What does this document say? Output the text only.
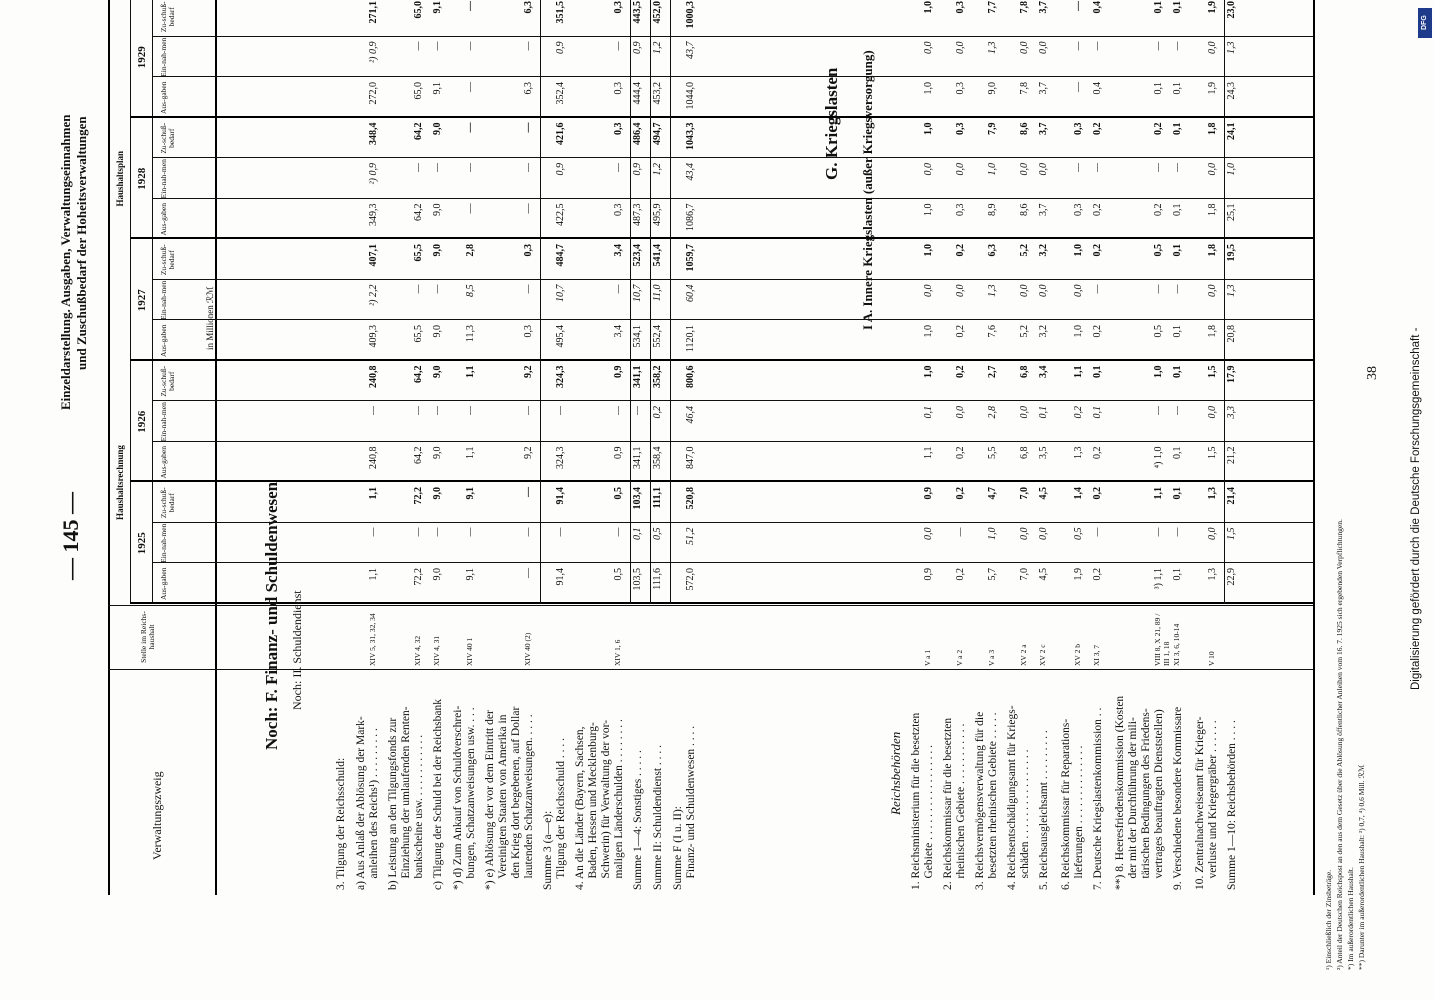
— 145 —
38
Einzeldarstellung. Ausgaben, Verwaltungseinnahmen und Zuschußbedarf der Hoheitsverwaltungen
Verwaltungszweig
Stelle im Reichs-haushalt
Haushaltsrechnung
Haushaltsplan
1925
Aus-gaben
Ein-nah-men
Zu-schuß-bedarf
1926
Aus-gaben
Ein-nah-men
Zu-schuß-bedarf
1927
Aus-gaben
Ein-nah-men
Zu-schuß-bedarf
1928
Aus-gaben
Ein-nah-men
Zu-schuß-bedarf
1929
Aus-gaben
Ein-nah-men
Zu-schuß-bedarf
Noch: F. Finanz- und Schuldenwesen Noch: II. Schuldendienst
in Millionen ℛℳ
3. Tilgung der Reichsschuld: a) Aus Anlaß der Ablösung der Mark-
anleihen des Reichs¹) . . . . . . . . .
XIV 5, 31, 32, 34
1,1
—
1,1
240,8
—
240,8
409,3
²) 2,2
407,1
349,3
²) 0,9
348,4
272,0
²) 0,9
271,1
b) Leistung an den Tilgungsfonds zur
Einziehung der umlaufenden Renten-
bankscheine usw. . . . . . . . . . . .
XIV 4, 32
72,2
—
72,2
64,2
—
64,2
65,5
—
65,5
64,2
—
64,2
65,0
—
65,0
c) Tilgung der Schuld bei der Reichsbank
XIV 4, 31
9,0
—
9,0
9,0
—
9,0
9,0
—
9,0
9,0
—
9,0
9,1
—
9,1
*) d) Zum Ankauf von Schuldverschrei-
bungen, Schatzanweisungen usw. . . .
XIV 40 1
9,1
—
9,1
1,1
—
1,1
11,3
8,5
2,8
—
—
—
—
—
—
*) e) Ablösung der vor dem Eintritt der
Vereinigten Staaten von Amerika in
den Krieg dort begebenen, auf Dollar
lautenden Schatzanweisungen. . . . .
XIV 40 (2)
—
—
—
9,2
—
9,2
0,3
—
0,3
—
—
—
6,3
—
6,3
Summe 3 (a—e):
Tilgung der Reichsschuld . . . .
91,4
—
91,4
324,3
—
324,3
495,4
10,7
484,7
422,5
0,9
421,6
352,4
0,9
351,5
4. An die Länder (Bayern, Sachsen,
Baden, Hessen und Mecklenburg-
Schwerin) für Verwaltung der vor-
maligen Länderschulden . . . . . . . .
XIV 1, 6
0,5
—
0,5
0,9
—
0,9
3,4
—
3,4
0,3
—
0,3
0,3
—
0,3
Summe 1—4: Sonstiges . . . . .
103,5
0,1
103,4
341,1
—
341,1
534,1
10,7
523,4
487,3
0,9
486,4
444,4
0,9
443,5
Summe II: Schuldendienst . . . .
111,6
0,5
111,1
358,4
0,2
358,2
552,4
11,0
541,4
495,9
1,2
494,7
453,2
1,2
452,0
Summe F (I u. II):
Finanz- und Schuldenwesen . . . .
572,0
51,2
520,8
847,0
46,4
800,6
1120,1
60,4
1059,7
1086,7
43,4
1043,3
1044,0
43,7
1000,3
G. Kriegslasten I A. Innere Kriegslasten (außer Kriegsversorgung)
Reichsbehörden
1. Reichsministerium für die besetzten
Gebiete . . . . . . . . . . . . . . . . .
V a 1
0,9
0,0
0,9
1,1
0,1
1,0
1,0
0,0
1,0
1,0
0,0
1,0
1,0
0,0
1,0
2. Reichskommissar für die besetzten
rheinischen Gebiete . . . . . . . . . . .
V a 2
0,2
—
0,2
0,2
0,0
0,2
0,2
0,0
0,2
0,3
0,0
0,3
0,3
0,0
0,3
3. Reichsvermögensverwaltung für die
besetzten rheinischen Gebiete . . . . .
V a 3
5,7
1,0
4,7
5,5
2,8
2,7
7,6
1,3
6,3
8,9
1,0
7,9
9,0
1,3
7,7
4. Reichsentschädigungsamt für Kriegs-
schäden . . . . . . . . . . . . . . . .
XV 2 a
7,0
0,0
7,0
6,8
0,0
6,8
5,2
0,0
5,2
8,6
0,0
8,6
7,8
0,0
7,8
5. Reichsausgleichsamt . . . . . . . . .
XV 2 c
4,5
0,0
4,5
3,5
0,1
3,4
3,2
0,0
3,2
3,7
0,0
3,7
3,7
0,0
3,7
6. Reichskommissar für Reparations-
lieferungen . . . . . . . . . . . . . .
XV 2 b
1,9
0,5
1,4
1,3
0,2
1,1
1,0
0,0
1,0
0,3
—
0,3
—
—
—
7. Deutsche Kriegslastenkommission . .
XI 3, 7
0,2
—
0,2
0,2
0,1
0,1
0,2
—
0,2
0,2
—
0,2
0,4
—
0,4
**) 8. Heeresfriedenskommission (Kosten
der mit der Durchführung der mili-
tärischen Bedingungen des Friedens-
vertrages beauftragten Dienststellen)
VIII 8, X 21, 89 / III 1, 18
³) 1,1
—
1,1
⁴) 1,0
—
1,0
0,5
—
0,5
0,2
—
0,2
0,1
—
0,1
9. Verschiedene besondere Kommissare
XI 3, 6, 10-14
0,1
—
0,1
0,1
—
0,1
0,1
—
0,1
0,1
—
0,1
0,1
—
0,1
10. Zentralnachweiseamt für Krieger-
verluste und Kriegergräber . . . . . .
V 10
1,3
0,0
1,3
1,5
0,0
1,5
1,8
0,0
1,8
1,8
0,0
1,8
1,9
0,0
1,9
Summe 1—10: Reichsbehörden . . . .
22,9
1,5
21,4
21,2
3,3
17,9
20,8
1,3
19,5
25,1
1,0
24,1
24,3
1,3
23,0
¹) Einschließlich der Zinsbeträge. ²) Anteil der Deutschen Reichspost an den aus dem Gesetz über die Ablösung öffentlicher Anleihen vom 16. 7. 1925 sich ergebenden Verpflichtungen. *) Im außerordentlichen Haushalt. **) Darunter im außerordentlichen Haushalt: ³) 0,7, ⁴) 0,6 Mill. ℛℳ
Digitalisierung gefördert durch die Deutsche Forschungsgemeinschaft -
DFG
